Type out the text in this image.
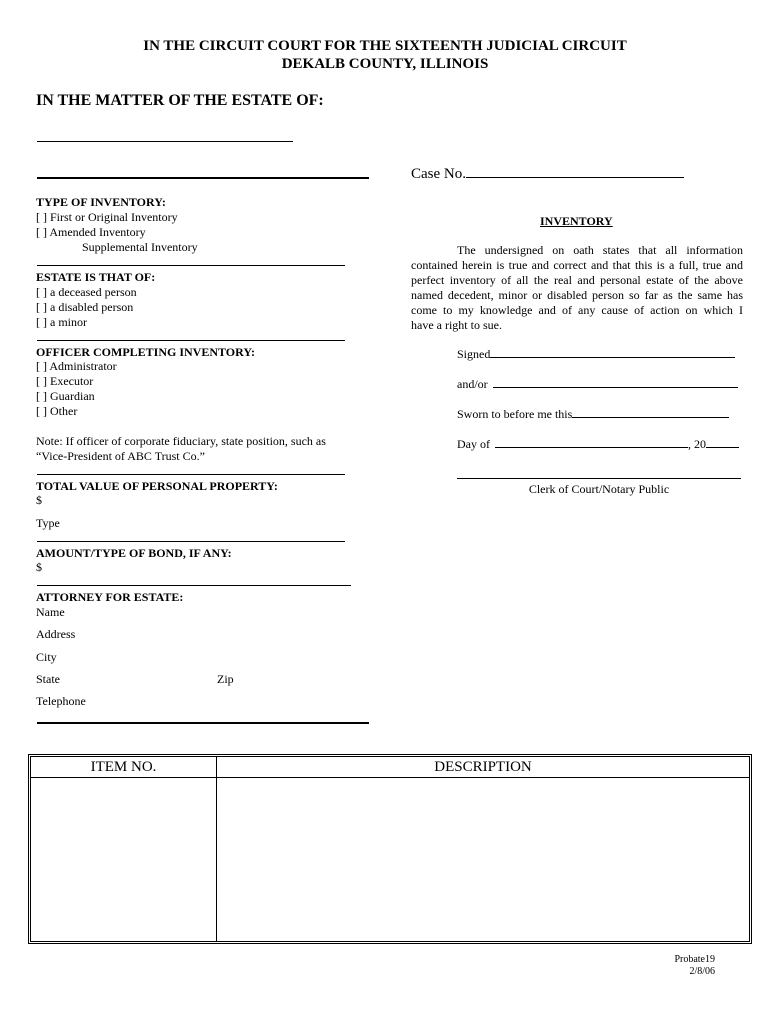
IN THE CIRCUIT COURT FOR THE SIXTEENTH JUDICIAL CIRCUIT
DEKALB COUNTY, ILLINOIS
IN THE MATTER OF THE ESTATE OF:
Case No.
TYPE OF INVENTORY:
[ ] First or Original Inventory
[ ] Amended Inventory
Supplemental Inventory
ESTATE IS THAT OF:
[ ] a deceased person
[ ] a disabled person
[ ] a minor
OFFICER COMPLETING INVENTORY:
[ ] Administrator
[ ] Executor
[ ] Guardian
[ ] Other
Note: If officer of corporate fiduciary, state position, such as
“Vice-President of ABC Trust Co.”
TOTAL VALUE OF PERSONAL PROPERTY:
$
Type
AMOUNT/TYPE OF BOND, IF ANY:
$
ATTORNEY FOR ESTATE:
Name
Address
City
State	Zip
Telephone
INVENTORY
The undersigned on oath states that all information
contained herein is true and correct and that this is a full, true and
perfect inventory of all the real and personal estate of the above
named decedent, minor or disabled person so far as the same has
come to my knowledge and of any cause of action on which I
have a right to sue.
Signed
and/or
Sworn to before me this
Day of	, 20
Clerk of Court/Notary Public
ITEM NO.	DESCRIPTION
Probate19
2/8/06
